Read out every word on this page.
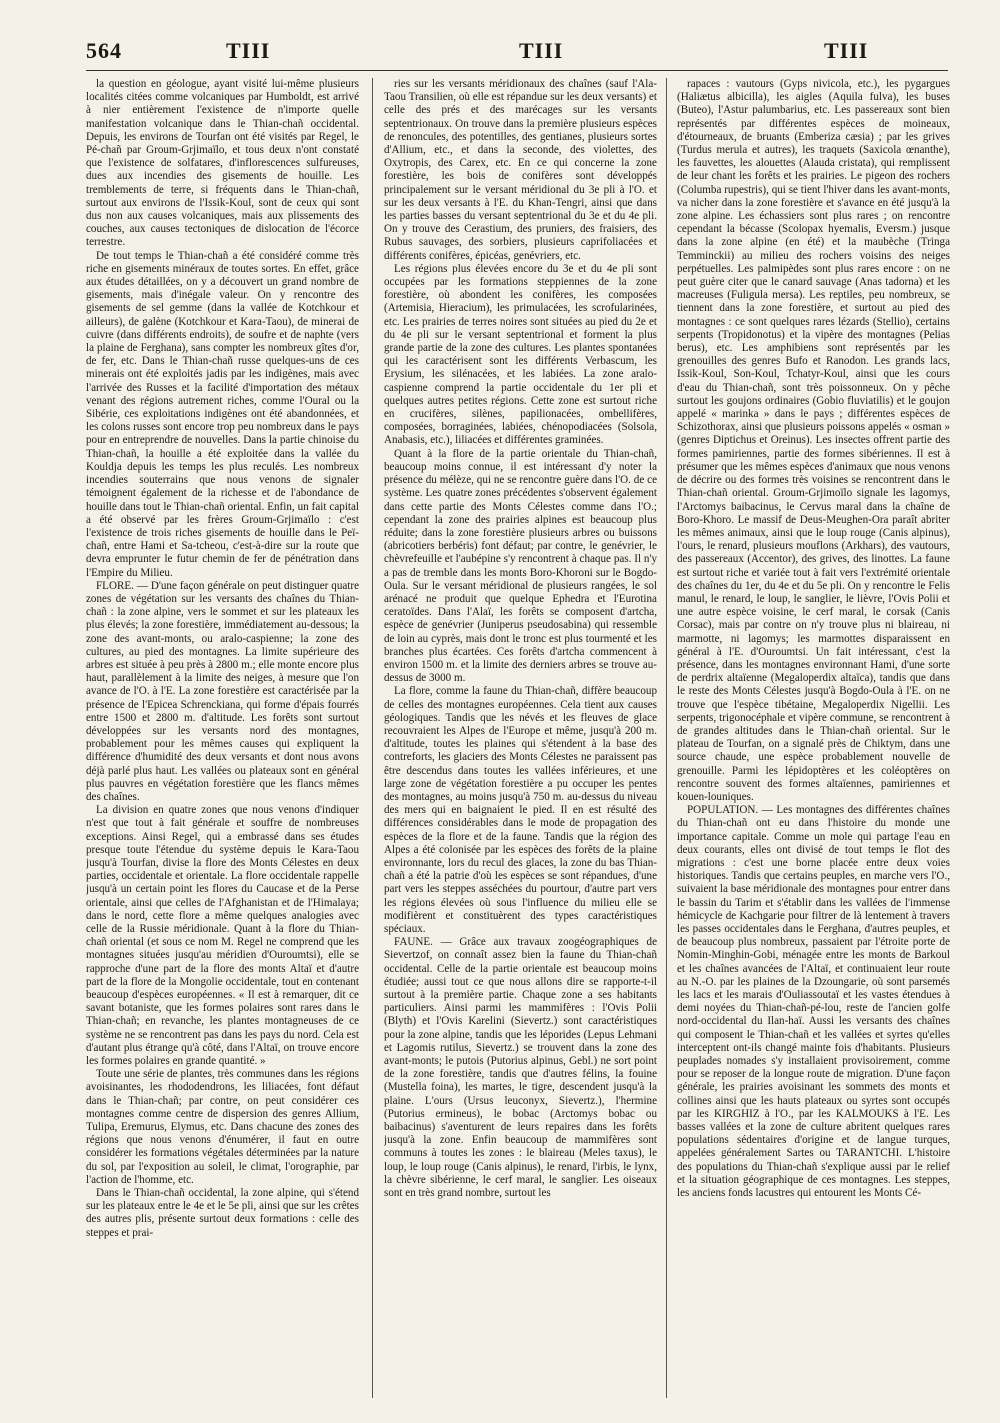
564	TIII	TIII	TIII

la question en géologue, ayant visité lui-même plusieurs localités citées comme volcaniques par Humboldt, est arrivé à nier entièrement l'existence de n'importe quelle manifestation volcanique dans le Thian-chañ occidental. Depuis, les environs de Tourfan ont été visités par Regel, le Pé-chañ par Groum-Grjimaïlo, et tous deux n'ont constaté que l'existence de solfatares, d'inflorescences sulfureuses, dues aux incendies des gisements de houille. Les tremblements de terre, si fréquents dans le Thian-chañ, surtout aux environs de l'Issik-Koul, sont de ceux qui sont dus non aux causes volcaniques, mais aux plissements des couches, aux causes tectoniques de dislocation de l'écorce terrestre.

De tout temps le Thian-chañ a été considéré comme très riche en gisements minéraux de toutes sortes. En effet, grâce aux études détaillées, on y a découvert un grand nombre de gisements, mais d'inégale valeur. On y rencontre des gisements de sel gemme (dans la vallée de Kotchkour et ailleurs), de galène (Kotchkour et Kara-Taou), de minerai de cuivre (dans différents endroits), de soufre et de naphte (vers la plaine de Ferghana), sans compter les nombreux gîtes d'or, de fer, etc. Dans le Thian-chañ russe quelques-uns de ces minerais ont été exploités jadis par les indigènes, mais avec l'arrivée des Russes et la facilité d'importation des métaux venant des régions autrement riches, comme l'Oural ou la Sibérie, ces exploitations indigènes ont été abandonnées, et les colons russes sont encore trop peu nombreux dans le pays pour en entreprendre de nouvelles. Dans la partie chinoise du Thian-chañ, la houille a été exploitée dans la vallée du Kouldja depuis les temps les plus reculés. Les nombreux incendies souterrains que nous venons de signaler témoignent également de la richesse et de l'abondance de houille dans tout le Thian-chañ oriental. Enfin, un fait capital a été observé par les frères Groum-Grjimaïlo : c'est l'existence de trois riches gisements de houille dans le Peï-chañ, entre Hami et Sa-tcheou, c'est-à-dire sur la route que devra emprunter le futur chemin de fer de pénétration dans l'Empire du Milieu.

FLORE. — D'une façon générale on peut distinguer quatre zones de végétation sur les versants des chaînes du Thian-chañ : la zone alpine, vers le sommet et sur les plateaux les plus élevés; la zone forestière, immédiatement au-dessous; la zone des avant-monts, ou aralo-caspienne; la zone des cultures, au pied des montagnes. La limite supérieure des arbres est située à peu près à 2800 m.; elle monte encore plus haut, parallèlement à la limite des neiges, à mesure que l'on avance de l'O. à l'E. La zone forestière est caractérisée par la présence de l'Epicea Schrenckiana, qui forme d'épais fourrés entre 1500 et 2800 m. d'altitude. Les forêts sont surtout développées sur les versants nord des montagnes, probablement pour les mêmes causes qui expliquent la différence d'humidité des deux versants et dont nous avons déjà parlé plus haut. Les vallées ou plateaux sont en général plus pauvres en végétation forestière que les flancs mêmes des chaînes.

La division en quatre zones que nous venons d'indiquer n'est que tout à fait générale et souffre de nombreuses exceptions. Ainsi Regel, qui a embrassé dans ses études presque toute l'étendue du système depuis le Kara-Taou jusqu'à Tourfan, divise la flore des Monts Célestes en deux parties, occidentale et orientale. La flore occidentale rappelle jusqu'à un certain point les flores du Caucase et de la Perse orientale, ainsi que celles de l'Afghanistan et de l'Himalaya; dans le nord, cette flore a même quelques analogies avec celle de la Russie méridionale. Quant à la flore du Thian-chañ oriental (et sous ce nom M. Regel ne comprend que les montagnes situées jusqu'au méridien d'Ouroumtsi), elle se rapproche d'une part de la flore des monts Altaï et d'autre part de la flore de la Mongolie occidentale, tout en contenant beaucoup d'espèces européennes. « Il est à remarquer, dit ce savant botaniste, que les formes polaires sont rares dans le Thian-chañ; en revanche, les plantes montagneuses de ce système ne se rencontrent pas dans les pays du nord. Cela est d'autant plus étrange qu'à côté, dans l'Altaï, on trouve encore les formes polaires en grande quantité. »

Toute une série de plantes, très communes dans les régions avoisinantes, les rhododendrons, les liliacées, font défaut dans le Thian-chañ; par contre, on peut considérer ces montagnes comme centre de dispersion des genres Allium, Tulipa, Eremurus, Elymus, etc. Dans chacune des zones des régions que nous venons d'énumérer, il faut en outre considérer les formations végétales déterminées par la nature du sol, par l'exposition au soleil, le climat, l'orographie, par l'action de l'homme, etc.

Dans le Thian-chañ occidental, la zone alpine, qui s'étend sur les plateaux entre le 4e et le 5e pli, ainsi que sur les crêtes des autres plis, présente surtout deux formations : celle des steppes et prai-

ries sur les versants méridionaux des chaînes (sauf l'Ala-Taou Transilien, où elle est répandue sur les deux versants) et celle des prés et des marécages sur les versants septentrionaux. On trouve dans la première plusieurs espèces de renoncules, des potentilles, des gentianes, plusieurs sortes d'Allium, etc., et dans la seconde, des violettes, des Oxytropis, des Carex, etc. En ce qui concerne la zone forestière, les bois de conifères sont développés principalement sur le versant méridional du 3e pli à l'O. et sur les deux versants à l'E. du Khan-Tengri, ainsi que dans les parties basses du versant septentrional du 3e et du 4e pli. On y trouve des Cerastium, des pruniers, des fraisiers, des Rubus sauvages, des sorbiers, plusieurs caprifoliacées et différents conifères, épicéas, genévriers, etc.

Les régions plus élevées encore du 3e et du 4e pli sont occupées par les formations steppiennes de la zone forestière, où abondent les conifères, les composées (Artemisia, Hieracium), les primulacées, les scrofularinées, etc. Les prairies de terres noires sont situées au pied du 2e et du 4e pli sur le versant septentrional et forment la plus grande partie de la zone des cultures. Les plantes spontanées qui les caractérisent sont les différents Verbascum, les Erysium, les silénacées, et les labiées. La zone aralo-caspienne comprend la partie occidentale du 1er pli et quelques autres petites régions. Cette zone est surtout riche en crucifères, silènes, papilionacées, ombellifères, composées, borraginées, labiées, chénopodiacées (Solsola, Anabasis, etc.), liliacées et différentes graminées.

Quant à la flore de la partie orientale du Thian-chañ, beaucoup moins connue, il est intéressant d'y noter la présence du mélèze, qui ne se rencontre guère dans l'O. de ce système. Les quatre zones précédentes s'observent également dans cette partie des Monts Célestes comme dans l'O.; cependant la zone des prairies alpines est beaucoup plus réduite; dans la zone forestière plusieurs arbres ou buissons (abricotiers berbéris) font défaut; par contre, le genévrier, le chèvrefeuille et l'aubépine s'y rencontrent à chaque pas. Il n'y a pas de tremble dans les monts Boro-Khoroni sur le Bogdo-Oula. Sur le versant méridional de plusieurs rangées, le sol arénacé ne produit que quelque Ephedra et l'Eurotina ceratoïdes. Dans l'Alaï, les forêts se composent d'artcha, espèce de genévrier (Juniperus pseudosabina) qui ressemble de loin au cyprès, mais dont le tronc est plus tourmenté et les branches plus écartées. Ces forêts d'artcha commencent à environ 1500 m. et la limite des derniers arbres se trouve au-dessus de 3000 m.

La flore, comme la faune du Thian-chañ, diffère beaucoup de celles des montagnes européennes. Cela tient aux causes géologiques. Tandis que les névés et les fleuves de glace recouvraient les Alpes de l'Europe et même, jusqu'à 200 m. d'altitude, toutes les plaines qui s'étendent à la base des contreforts, les glaciers des Monts Célestes ne paraissent pas être descendus dans toutes les vallées inférieures, et une large zone de végétation forestière a pu occuper les pentes des montagnes, au moins jusqu'à 750 m. au-dessus du niveau des mers qui en baignaient le pied. Il en est résulté des différences considérables dans le mode de propagation des espèces de la flore et de la faune. Tandis que la région des Alpes a été colonisée par les espèces des forêts de la plaine environnante, lors du recul des glaces, la zone du bas Thian-chañ a été la patrie d'où les espèces se sont répandues, d'une part vers les steppes asséchées du pourtour, d'autre part vers les régions élevées où sous l'influence du milieu elle se modifièrent et constituèrent des types caractéristiques spéciaux.

FAUNE. — Grâce aux travaux zoogéographiques de Sievertzof, on connaît assez bien la faune du Thian-chañ occidental. Celle de la partie orientale est beaucoup moins étudiée; aussi tout ce que nous allons dire se rapporte-t-il surtout à la première partie. Chaque zone a ses habitants particuliers. Ainsi parmi les mammifères : l'Ovis Polii (Blyth) et l'Ovis Karelini (Sievertz.) sont caractéristiques pour la zone alpine, tandis que les léporides (Lepus Lehmani et Lagomis rutilus, Sievertz.) se trouvent dans la zone des avant-monts; le putois (Putorius alpinus, Gebl.) ne sort point de la zone forestière, tandis que d'autres félins, la fouine (Mustella foina), les martes, le tigre, descendent jusqu'à la plaine. L'ours (Ursus leuconyx, Sievertz.), l'hermine (Putorius ermineus), le bobac (Arctomys bobac ou baibacinus) s'aventurent de leurs repaires dans les forêts jusqu'à la zone. Enfin beaucoup de mammifères sont communs à toutes les zones : le blaireau (Meles taxus), le loup, le loup rouge (Canis alpinus), le renard, l'irbis, le lynx, la chèvre sibérienne, le cerf maral, le sanglier. Les oiseaux sont en très grand nombre, surtout les

rapaces : vautours (Gyps nivicola, etc.), les pygargues (Haliætus albicilla), les aigles (Aquila fulva), les buses (Buteo), l'Astur palumbarius, etc. Les passereaux sont bien représentés par différentes espèces de moineaux, d'étourneaux, de bruants (Emberiza cæsia) ; par les grives (Turdus merula et autres), les traquets (Saxicola œnanthe), les fauvettes, les alouettes (Alauda cristata), qui remplissent de leur chant les forêts et les prairies. Le pigeon des rochers (Columba rupestris), qui se tient l'hiver dans les avant-monts, va nicher dans la zone forestière et s'avance en été jusqu'à la zone alpine. Les échassiers sont plus rares ; on rencontre cependant la bécasse (Scolopax hyemalis, Eversm.) jusque dans la zone alpine (en été) et la maubèche (Tringa Temminckii) au milieu des rochers voisins des neiges perpétuelles. Les palmipèdes sont plus rares encore : on ne peut guère citer que le canard sauvage (Anas tadorna) et les macreuses (Fuligula mersa). Les reptiles, peu nombreux, se tiennent dans la zone forestière, et surtout au pied des montagnes : ce sont quelques rares lézards (Stellio), certains serpents (Tropidonotus) et la vipère des montagnes (Pelias berus), etc. Les amphibiens sont représentés par les grenouilles des genres Bufo et Ranodon. Les grands lacs, Issik-Koul, Son-Koul, Tchatyr-Koul, ainsi que les cours d'eau du Thian-chañ, sont très poissonneux. On y pêche surtout les goujons ordinaires (Gobio fluviatilis) et le goujon appelé « marinka » dans le pays ; différentes espèces de Schizothorax, ainsi que plusieurs poissons appelés « osman » (genres Diptichus et Oreinus). Les insectes offrent partie des formes pamiriennes, partie des formes sibériennes. Il est à présumer que les mêmes espèces d'animaux que nous venons de décrire ou des formes très voisines se rencontrent dans le Thian-chañ oriental. Groum-Grjimoïlo signale les lagomys, l'Arctomys baibacinus, le Cervus maral dans la chaîne de Boro-Khoro. Le massif de Deus-Meughen-Ora paraît abriter les mêmes animaux, ainsi que le loup rouge (Canis alpinus), l'ours, le renard, plusieurs mouflons (Arkhars), des vautours, des passereaux (Accentor), des grives, des linottes. La faune est surtout riche et variée tout à fait vers l'extrémité orientale des chaînes du 1er, du 4e et du 5e pli. On y rencontre le Felis manul, le renard, le loup, le sanglier, le lièvre, l'Ovis Polii et une autre espèce voisine, le cerf maral, le corsak (Canis Corsac), mais par contre on n'y trouve plus ni blaireau, ni marmotte, ni lagomys; les marmottes disparaissent en général à l'E. d'Ouroumtsi. Un fait intéressant, c'est la présence, dans les montagnes environnant Hami, d'une sorte de perdrix altaïenne (Megaloperdix altaïca), tandis que dans le reste des Monts Célestes jusqu'à Bogdo-Oula à l'E. on ne trouve que l'espèce tibétaine, Megaloperdix Nigellii. Les serpents, trigonocéphale et vipère commune, se rencontrent à de grandes altitudes dans le Thian-chañ oriental. Sur le plateau de Tourfan, on a signalé près de Chiktym, dans une source chaude, une espèce probablement nouvelle de grenouille. Parmi les lépidoptères et les coléoptères on rencontre souvent des formes altaïennes, pamiriennes et kouen-louniques.

POPULATION. — Les montagnes des différentes chaînes du Thian-chañ ont eu dans l'histoire du monde une importance capitale. Comme un mole qui partage l'eau en deux courants, elles ont divisé de tout temps le flot des migrations : c'est une borne placée entre deux voies historiques. Tandis que certains peuples, en marche vers l'O., suivaient la base méridionale des montagnes pour entrer dans le bassin du Tarim et s'établir dans les vallées de l'immense hémicycle de Kachgarie pour filtrer de là lentement à travers les passes occidentales dans le Ferghana, d'autres peuples, et de beaucoup plus nombreux, passaient par l'étroite porte de Nomin-Minghin-Gobi, ménagée entre les monts de Barkoul et les chaînes avancées de l'Altaï, et continuaient leur route au N.-O. par les plaines de la Dzoungarie, où sont parsemés les lacs et les marais d'Ouliassoutaï et les vastes étendues à demi noyées du Thian-chañ-pé-lou, reste de l'ancien golfe nord-occidental du Ilan-haï. Aussi les versants des chaînes qui composent le Thian-chañ et les vallées et syrtes qu'elles interceptent ont-ils changé mainte fois d'habitants. Plusieurs peuplades nomades s'y installaient provisoirement, comme pour se reposer de la longue route de migration. D'une façon générale, les prairies avoisinant les sommets des monts et collines ainsi que les hauts plateaux ou syrtes sont occupés par les KIRGHIZ à l'O., par les KALMOUKS à l'E. Les basses vallées et la zone de culture abritent quelques rares populations sédentaires d'origine et de langue turques, appelées généralement Sartes ou TARANTCHI. L'histoire des populations du Thian-chañ s'explique aussi par le relief et la situation géographique de ces montagnes. Les steppes, les anciens fonds lacustres qui entourent les Monts Cé-
